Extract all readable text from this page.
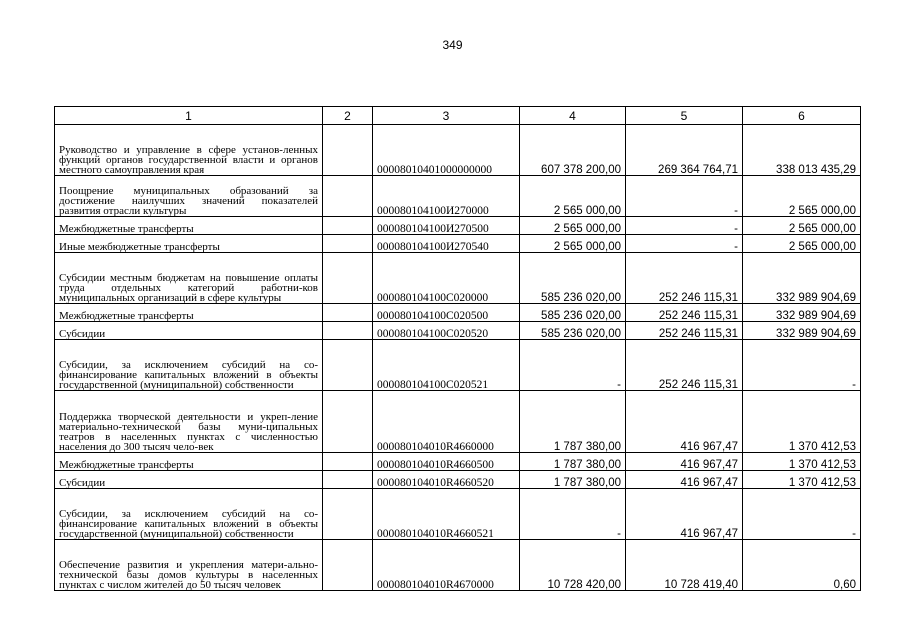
349
1	2	3	4	5	6
Руководство и управление в сфере установ-ленных функций органов государственной власти и органов местного самоуправления края		00008010401000000000	607 378 200,00	269 364 764,71	338 013 435,29
Поощрение муниципальных образований за достижение наилучших значений показателей развития отрасли культуры		000080104100И270000	2 565 000,00	-	2 565 000,00
Межбюджетные трансферты		000080104100И270500	2 565 000,00	-	2 565 000,00
Иные межбюджетные трансферты		000080104100И270540	2 565 000,00	-	2 565 000,00
Субсидии местным бюджетам на повышение оплаты труда отдельных категорий работни-ков муниципальных организаций в сфере культуры		000080104100C020000	585 236 020,00	252 246 115,31	332 989 904,69
Межбюджетные трансферты		000080104100C020500	585 236 020,00	252 246 115,31	332 989 904,69
Субсидии		000080104100C020520	585 236 020,00	252 246 115,31	332 989 904,69
Субсидии, за исключением субсидий на со-финансирование капитальных вложений в объекты государственной (муниципальной) собственности		000080104100C020521	-	252 246 115,31	-
Поддержка творческой деятельности и укреп-ление материально-технической базы муни-ципальных театров в населенных пунктах с численностью населения до 300 тысяч чело-век		000080104010R4660000	1 787 380,00	416 967,47	1 370 412,53
Межбюджетные трансферты		000080104010R4660500	1 787 380,00	416 967,47	1 370 412,53
Субсидии		000080104010R4660520	1 787 380,00	416 967,47	1 370 412,53
Субсидии, за исключением субсидий на со-финансирование капитальных вложений в объекты государственной (муниципальной) собственности		000080104010R4660521	-	416 967,47	-
Обеспечение развития и укрепления матери-ально-технической базы домов культуры в населенных пунктах с числом жителей до 50 тысяч человек		000080104010R4670000	10 728 420,00	10 728 419,40	0,60
